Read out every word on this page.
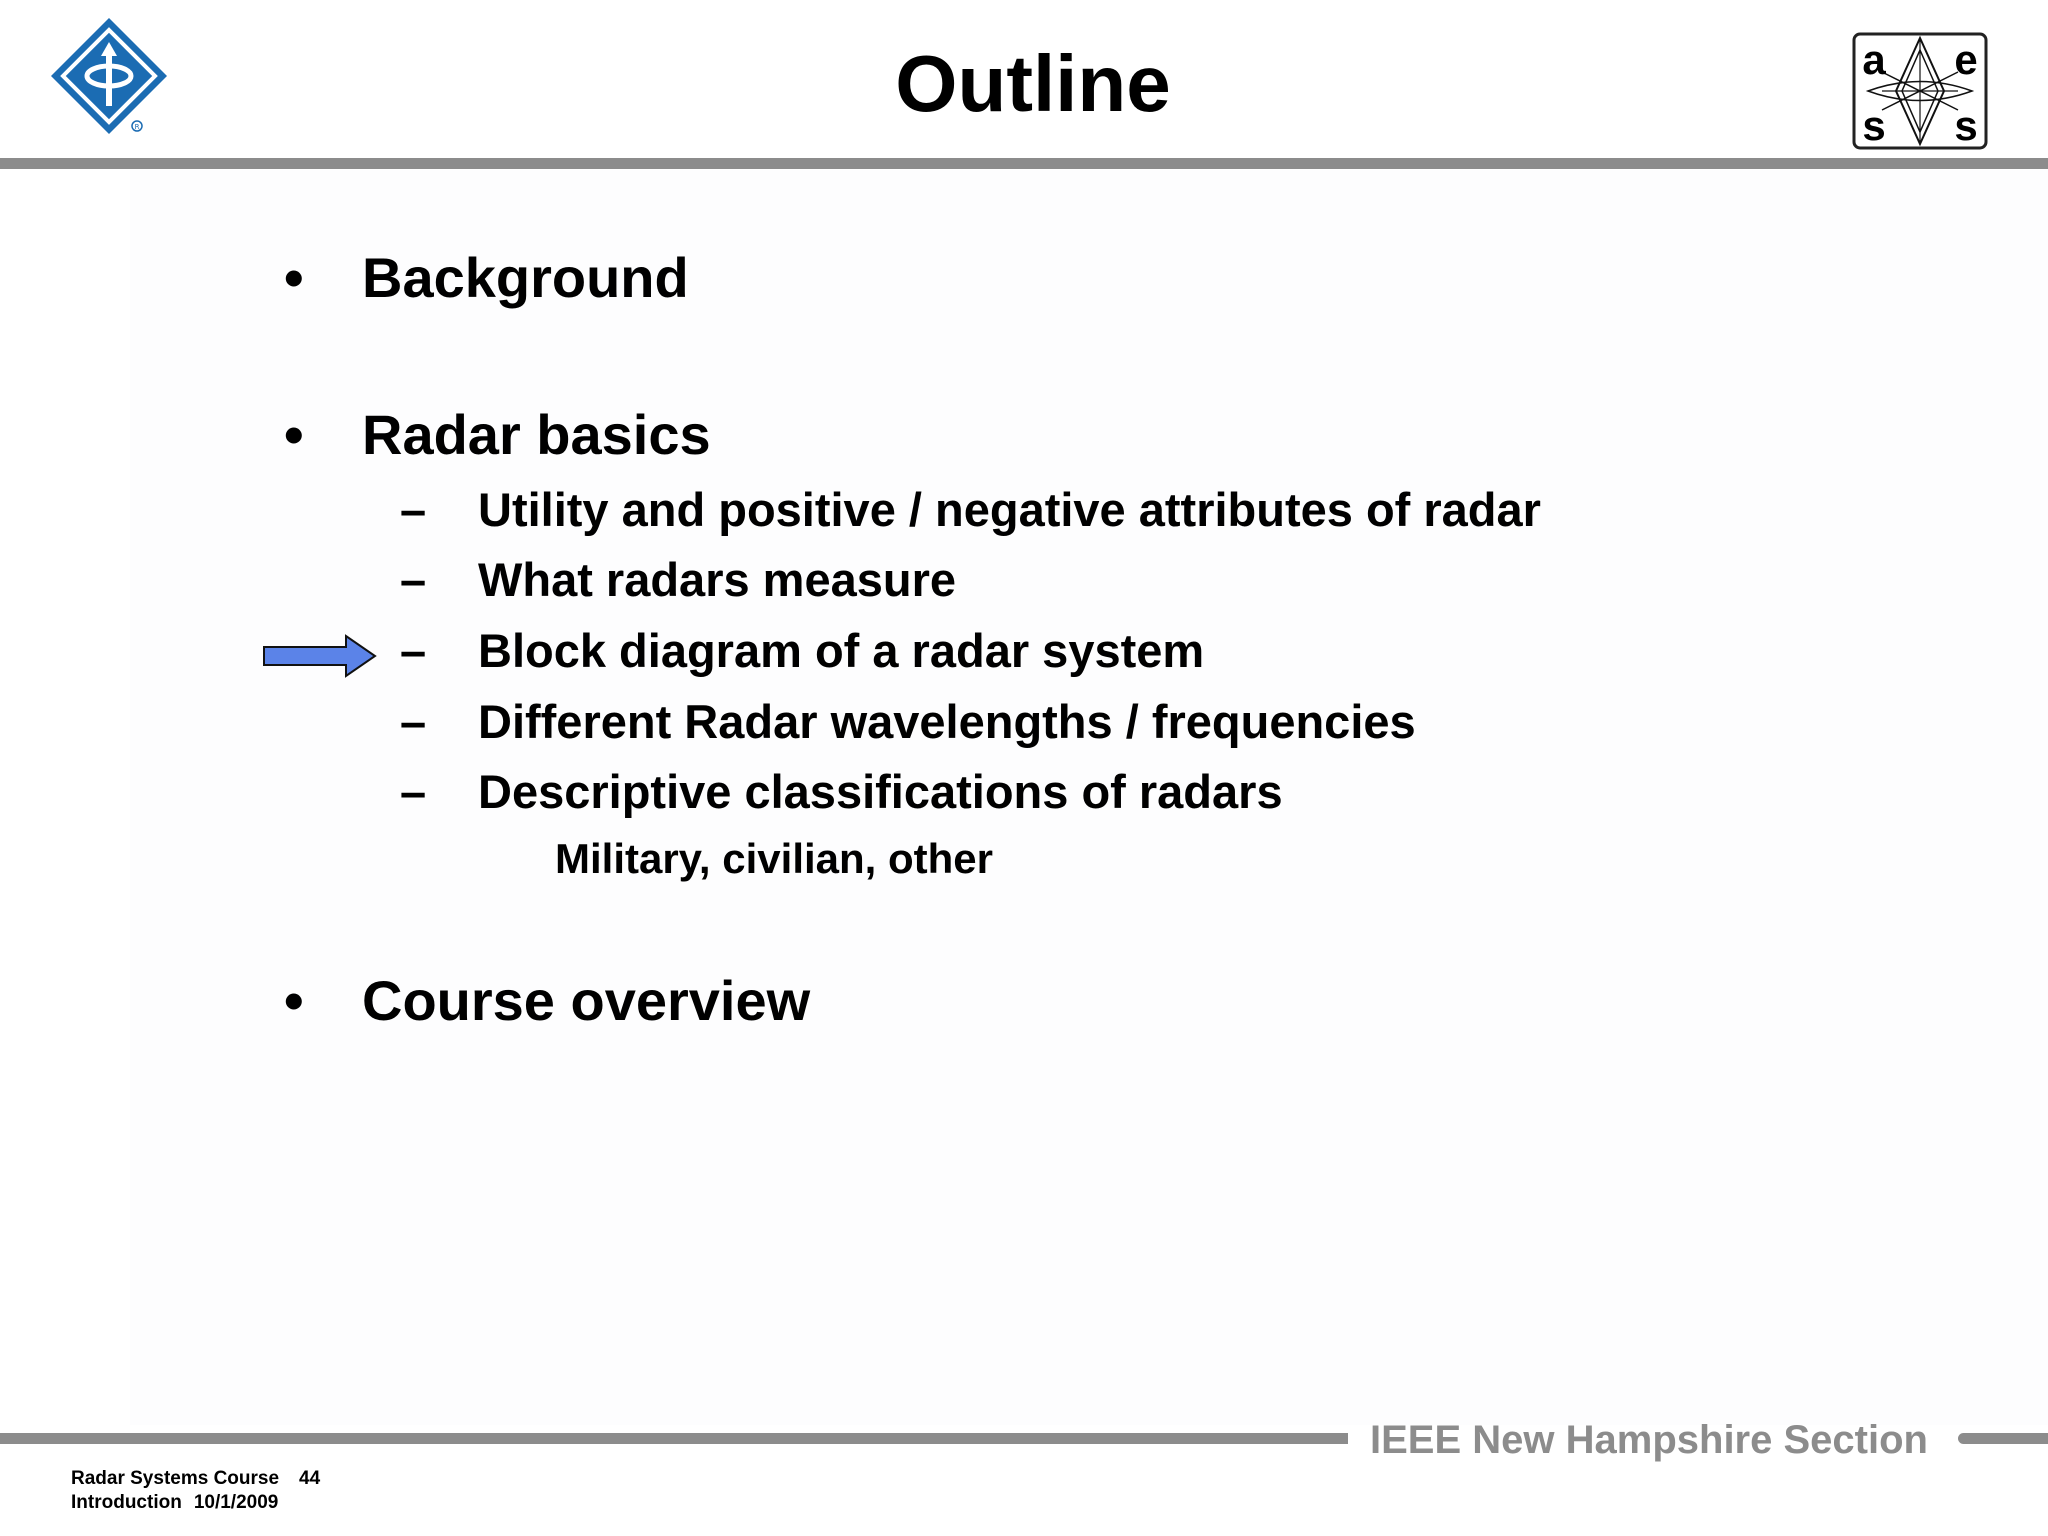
R	Outline	a e
s s
• Background
• Radar basics
– Utility and positive / negative attributes of radar
– What radars measure
– Block diagram of a radar system
– Different Radar wavelengths / frequencies
– Descriptive classifications of radars
Military, civilian, other
• Course overview
IEEE New Hampshire Section
Radar Systems Course 44
Introduction 10/1/2009
